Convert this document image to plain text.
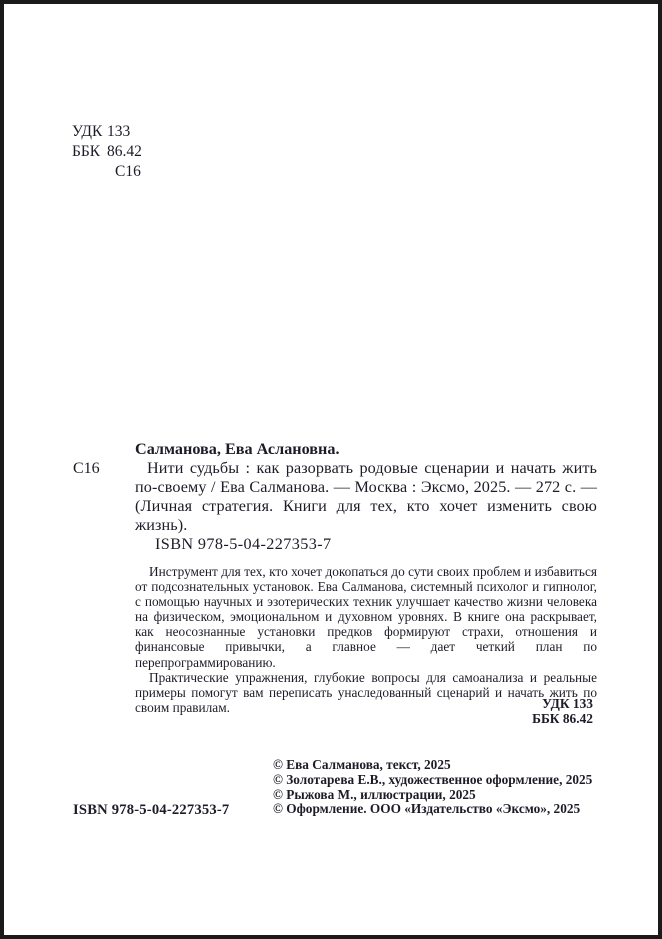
УДК 133
ББК 86.42
С16
С16
Салманова, Ева Аслановна.

Нити судьбы : как разорвать родовые сценарии и начать жить по-своему / Ева Салманова. — Москва : Эксмо, 2025. — 272 с. — (Личная стратегия. Книги для тех, кто хочет изменить свою жизнь).

ISBN 978-5-04-227353-7

Инструмент для тех, кто хочет докопаться до сути своих проблем и избавиться от подсознательных установок. Ева Салманова, системный психолог и гипнолог, с помощью научных и эзотерических техник улучшает качество жизни человека на физическом, эмоциональном и духовном уровнях. В книге она раскрывает, как неосознанные установки предков формируют страхи, отношения и финансовые привычки, а главное — дает четкий план по перепрограммированию.

Практические упражнения, глубокие вопросы для самоанализа и реальные примеры помогут вам переписать унаследованный сценарий и начать жить по своим правилам.	УДК 133
ББК 86.42
© Ева Салманова, текст, 2025
© Золотарева Е.В., художественное оформление, 2025
© Рыжова М., иллюстрации, 2025
© Оформление. ООО «Издательство «Эксмо», 2025
ISBN 978-5-04-227353-7
